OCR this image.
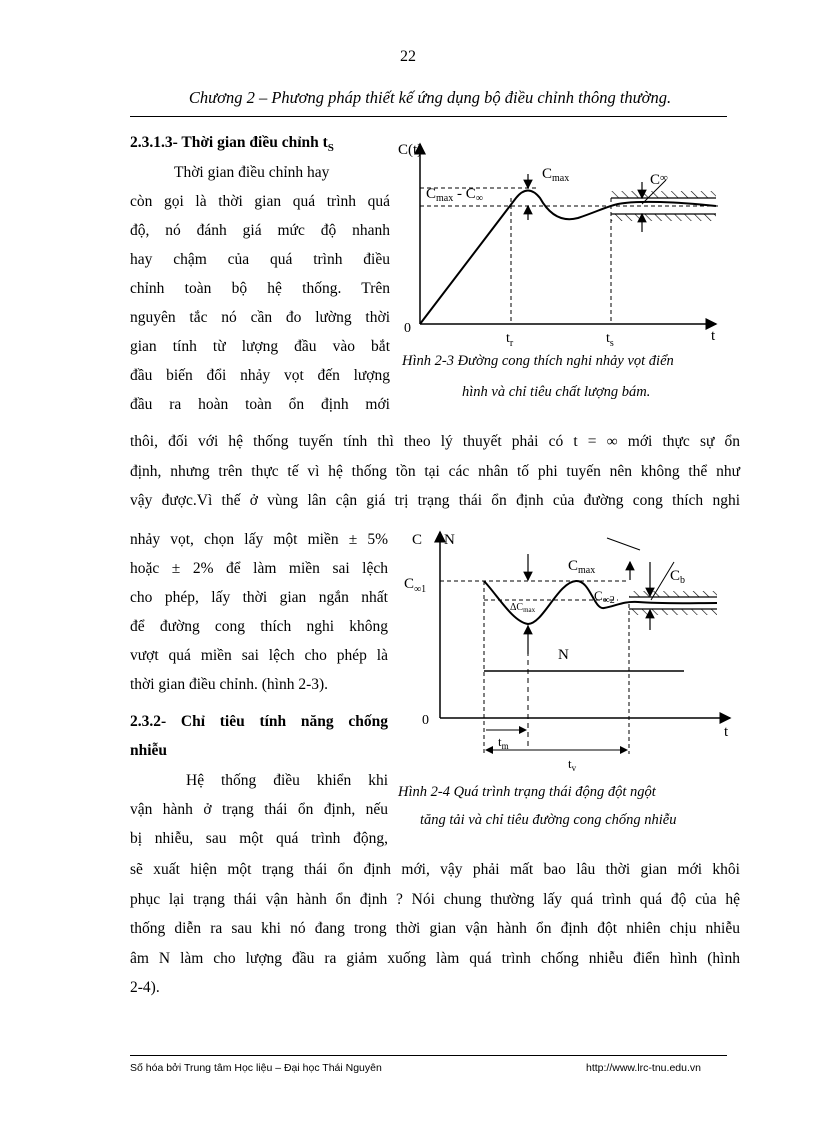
22
Chương 2 – Phương pháp thiết kế ứng dụng bộ điều chỉnh thông thường.
2.3.1.3- Thời gian điều chỉnh $t_S$
Thời gian điều chỉnh hay
còn gọi là thời gian quá trình quá
độ, nó đánh giá mức độ nhanh
hay chậm của quá trình điều
chỉnh toàn bộ hệ thống. Trên
nguyên tắc nó cần đo lường thời
gian tính từ lượng đầu vào bắt
đầu biến đổi nhảy vọt đến lượng
đầu ra hoàn toàn ổn định mới
C(t)
t
0
$C_{max}$	C∞
$C_{max} - C_\infty$
$t_r$	$t_s$
Hình 2-3 Đường cong thích nghi nhảy vọt điển
hình và chỉ tiêu chất lượng bám.
thôi, đối với hệ thống tuyến tính thì theo lý thuyết phải có t = ∞ mới thực sự ổn
định, nhưng trên thực tế vì hệ thống tồn tại các nhân tố phi tuyến nên không thể như
vậy được.Vì thế ở vùng lân cận giá trị trạng thái ổn định của đường cong thích nghi
nhảy vọt, chọn lấy một miền ± 5%
hoặc ± 2% để làm miền sai lệch
cho phép, lấy thời gian ngắn nhất
để đường cong thích nghi không
vượt quá miền sai lệch cho phép là
thời gian điều chỉnh. (hình 2-3).
2.3.2- Chỉ tiêu tính năng chống
nhiễu
Hệ thống điều khiển khi
vận hành ở trạng thái ổn định, nếu
bị nhiễu, sau một quá trình động,
C N
t
0
$C_{\infty 1}$
$C_{max}$
$C_{\infty 2}$
$C_b$
$\Delta C_{max}$
N
$t_m$
$t_v$
Hình 2-4 Quá trình trạng thái động đột ngột
tăng tải và chỉ tiêu đường cong chống nhiễu
sẽ xuất hiện một trạng thái ổn định mới, vậy phải mất bao lâu thời gian mới khôi
phục lại trạng thái vận hành ổn định ? Nói chung thường lấy quá trình quá độ của hệ
thống diễn ra sau khi nó đang trong thời gian vận hành ổn định đột nhiên chịu nhiễu
âm N làm cho lượng đầu ra giảm xuống làm quá trình chống nhiễu điển hình (hình
2-4).
Số hóa bởi Trung tâm Học liệu – Đại học Thái Nguyên	http://www.lrc-tnu.edu.vn
